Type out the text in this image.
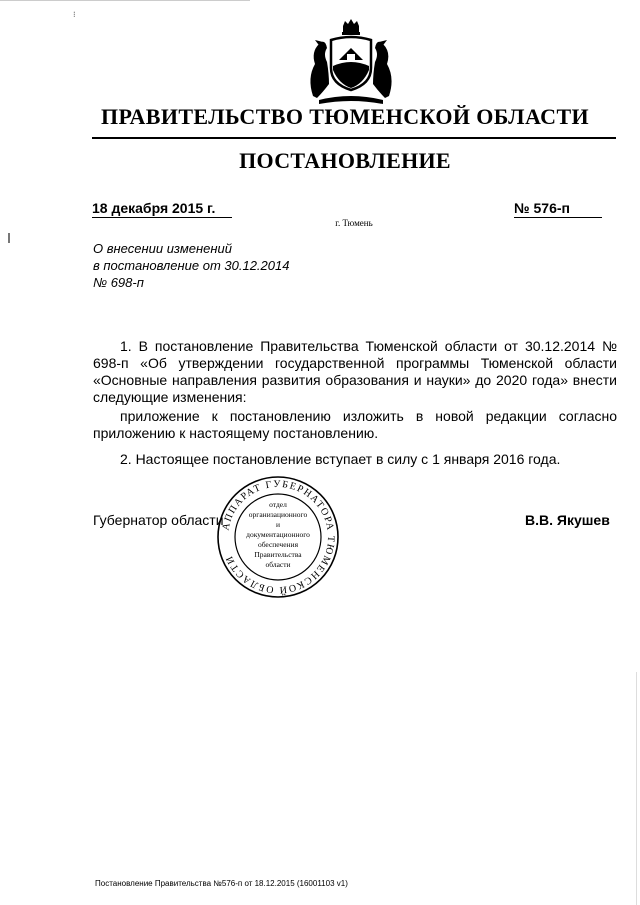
⁝
ПРАВИТЕЛЬСТВО ТЮМЕНСКОЙ ОБЛАСТИ
ПОСТАНОВЛЕНИЕ
18 декабря 2015 г.	№ 576-п
г. Тюмень
О внесении изменений
в постановление от 30.12.2014
№ 698-п
1. В постановление Правительства Тюменской области от 30.12.2014 № 698-п «Об утверждении государственной программы Тюменской области «Основные направления развития образования и науки» до 2020 года» внести следующие изменения:
приложение к постановлению изложить в новой редакции согласно приложению к настоящему постановлению.
2. Настоящее постановление вступает в силу с 1 января 2016 года.
Губернатор области	В.В. Якушев
АППАРАТ ГУБЕРНАТОРА ТЮМЕНСКОЙ ОБЛАСТИ
отдел
организационного
и
документационного
обеспечения
Правительства
области
Постановление Правительства №576-п от 18.12.2015 (16001103 v1)
